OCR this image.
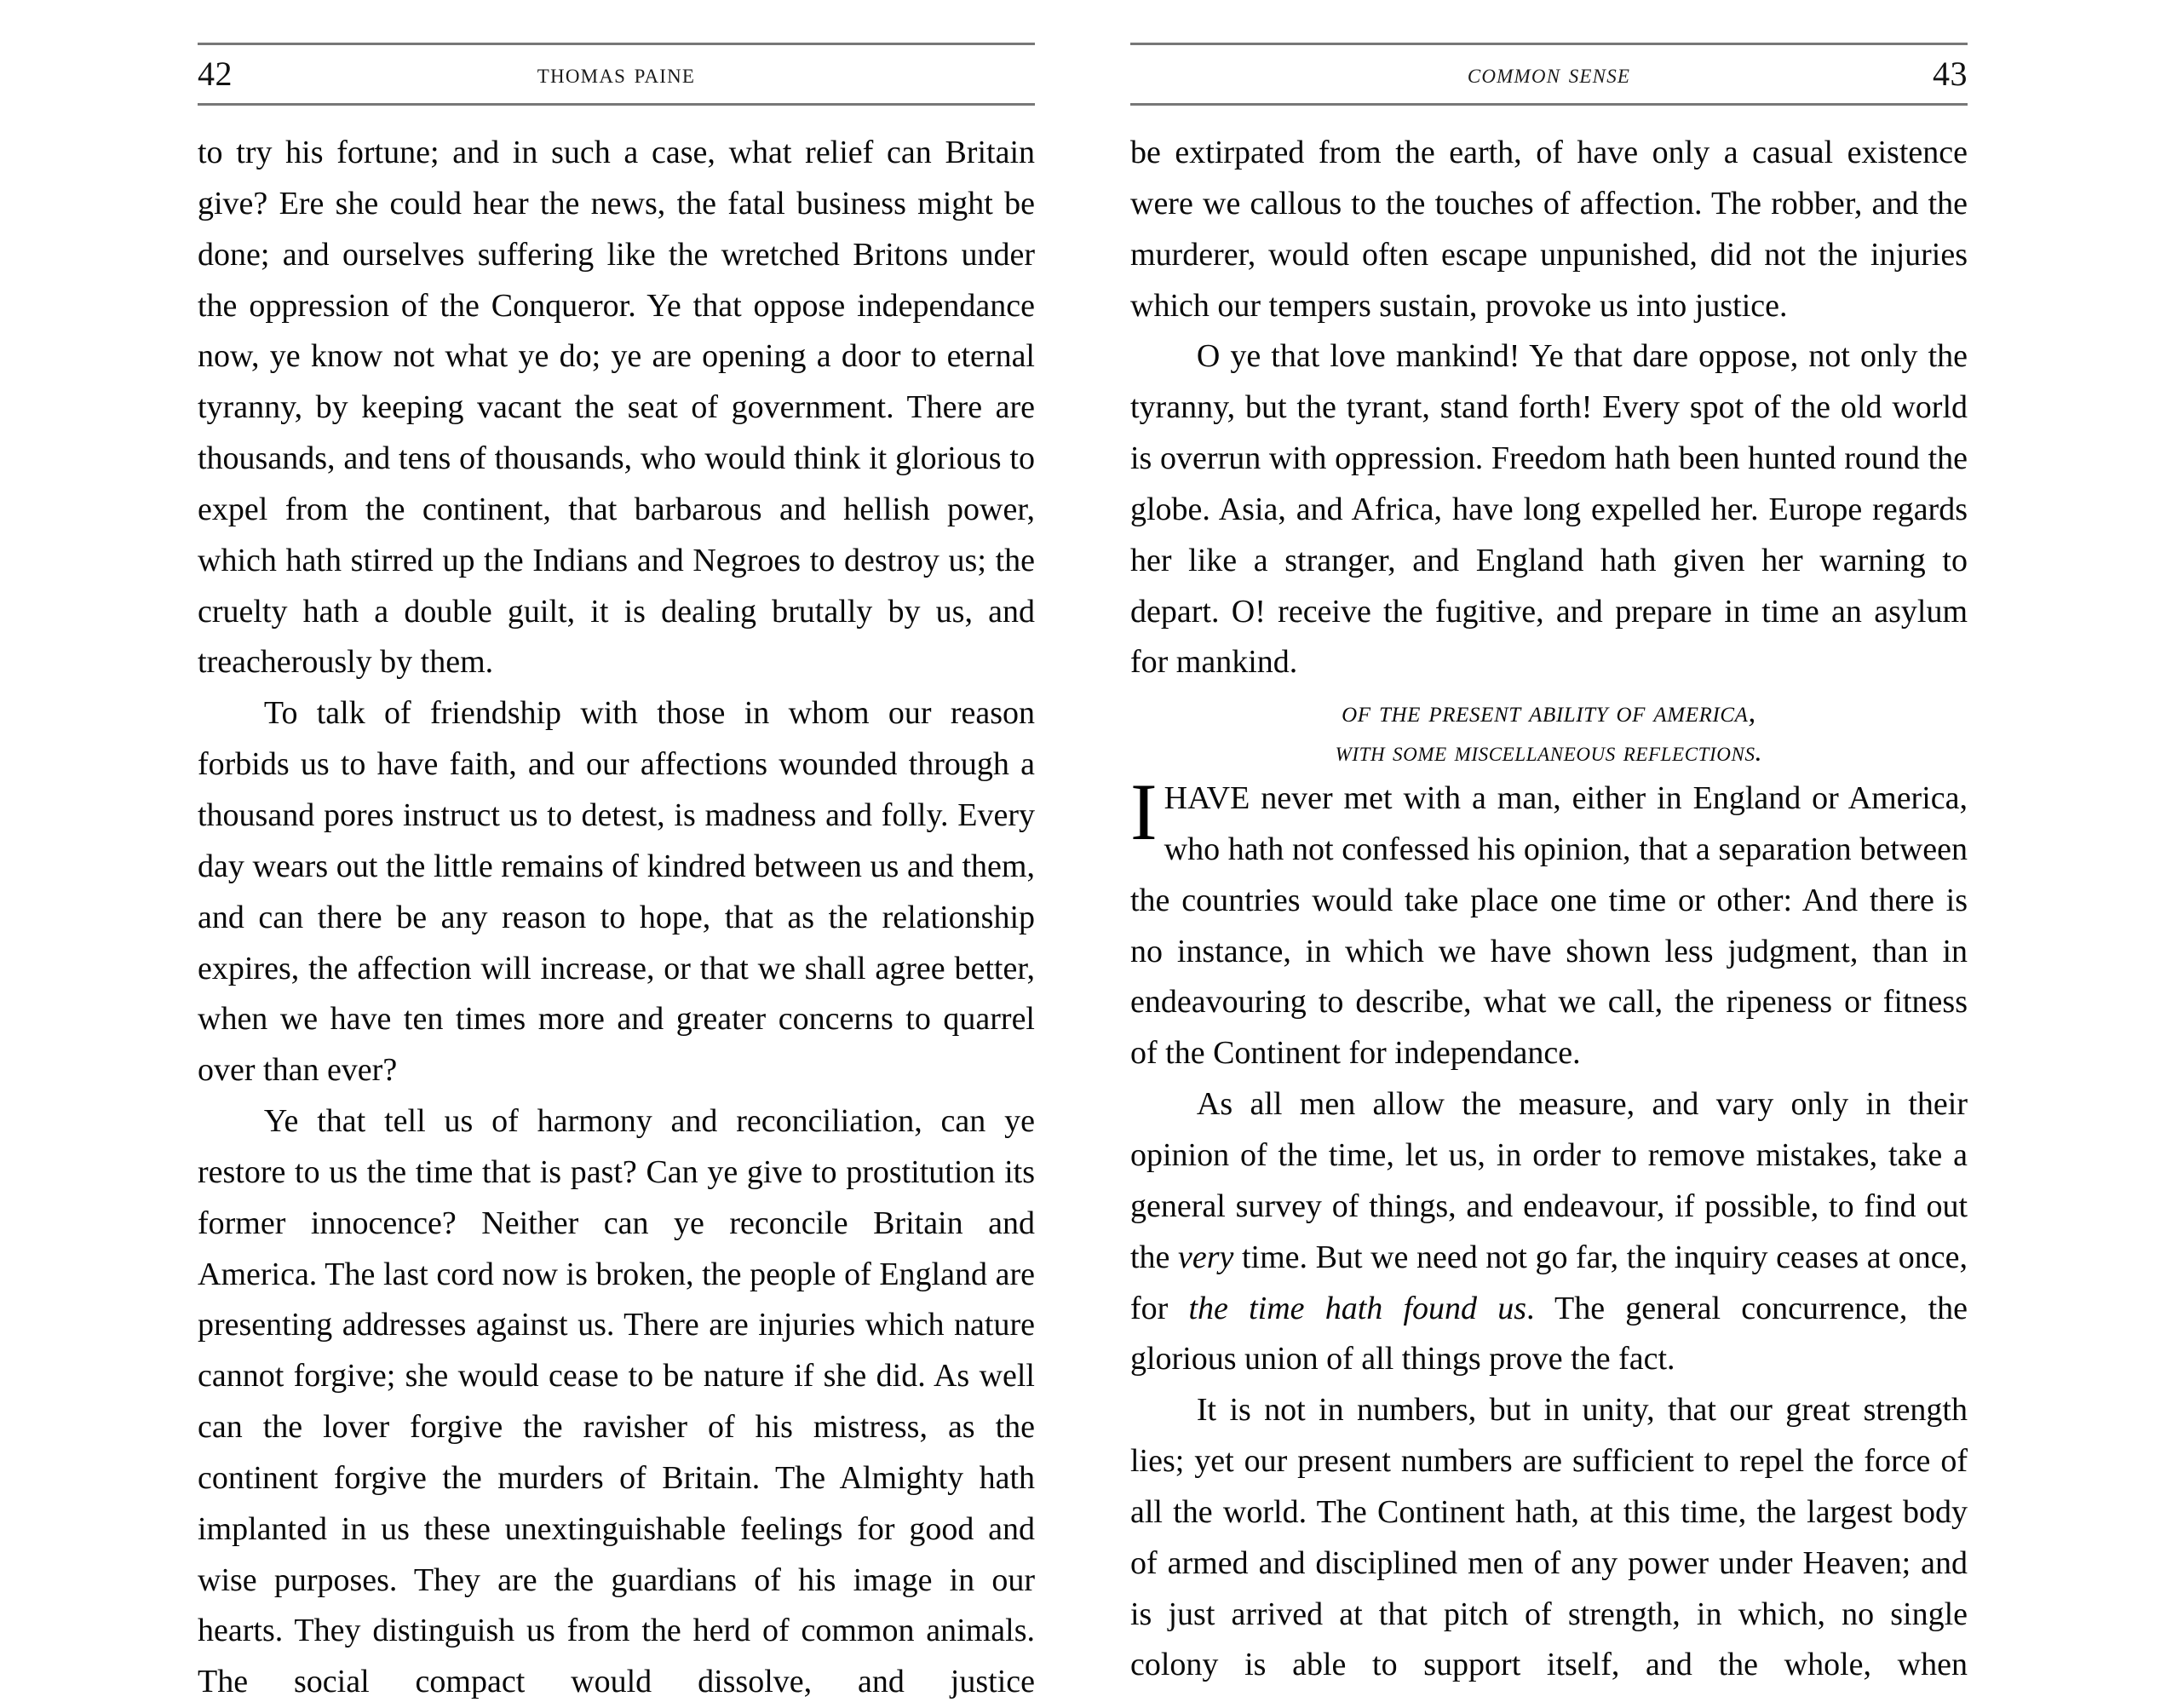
42	thomas paine

to try his fortune; and in such a case, what relief can Britain give? Ere she could hear the news, the fatal business might be done; and ourselves suffering like the wretched Britons under the oppression of the Conqueror. Ye that oppose independance now, ye know not what ye do; ye are opening a door to eternal tyranny, by keeping vacant the seat of government. There are thousands, and tens of thousands, who would think it glorious to expel from the continent, that barbarous and hellish power, which hath stirred up the Indians and Negroes to destroy us; the cruelty hath a double guilt, it is dealing brutally by us, and treacherously by them.

To talk of friendship with those in whom our reason forbids us to have faith, and our affections wounded through a thousand pores instruct us to detest, is madness and folly. Every day wears out the little remains of kindred between us and them, and can there be any reason to hope, that as the relationship expires, the affection will increase, or that we shall agree better, when we have ten times more and greater concerns to quarrel over than ever?

Ye that tell us of harmony and reconciliation, can ye restore to us the time that is past? Can ye give to prostitution its former innocence? Neither can ye reconcile Britain and America. The last cord now is broken, the people of England are presenting addresses against us. There are injuries which nature cannot forgive; she would cease to be nature if she did. As well can the lover forgive the ravisher of his mistress, as the continent forgive the murders of Britain. The Almighty hath implanted in us these unextinguishable feelings for good and wise purposes. They are the guardians of his image in our hearts. They distinguish us from the herd of common animals. The social compact would dissolve, and justice

common sense	43

be extirpated from the earth, of have only a casual existence were we callous to the touches of affection. The robber, and the murderer, would often escape unpunished, did not the injuries which our tempers sustain, provoke us into justice.

O ye that love mankind! Ye that dare oppose, not only the tyranny, but the tyrant, stand forth! Every spot of the old world is overrun with oppression. Freedom hath been hunted round the globe. Asia, and Africa, have long expelled her. Europe regards her like a stranger, and England hath given her warning to depart. O! receive the fugitive, and prepare in time an asylum for mankind.

of the present ability of america,
with some miscellaneous reflections.

IHAVE never met with a man, either in England or America, who hath not confessed his opinion, that a separation between the countries would take place one time or other: And there is no instance, in which we have shown less judgment, than in endeavouring to describe, what we call, the ripeness or fitness of the Continent for independance.

As all men allow the measure, and vary only in their opinion of the time, let us, in order to remove mistakes, take a general survey of things, and endeavour, if possible, to find out the very time. But we need not go far, the inquiry ceases at once, for the time hath found us. The general concurrence, the glorious union of all things prove the fact.

It is not in numbers, but in unity, that our great strength lies; yet our present numbers are sufficient to repel the force of all the world. The Continent hath, at this time, the largest body of armed and disciplined men of any power under Heaven; and is just arrived at that pitch of strength, in which, no single colony is able to support itself, and the whole, when
